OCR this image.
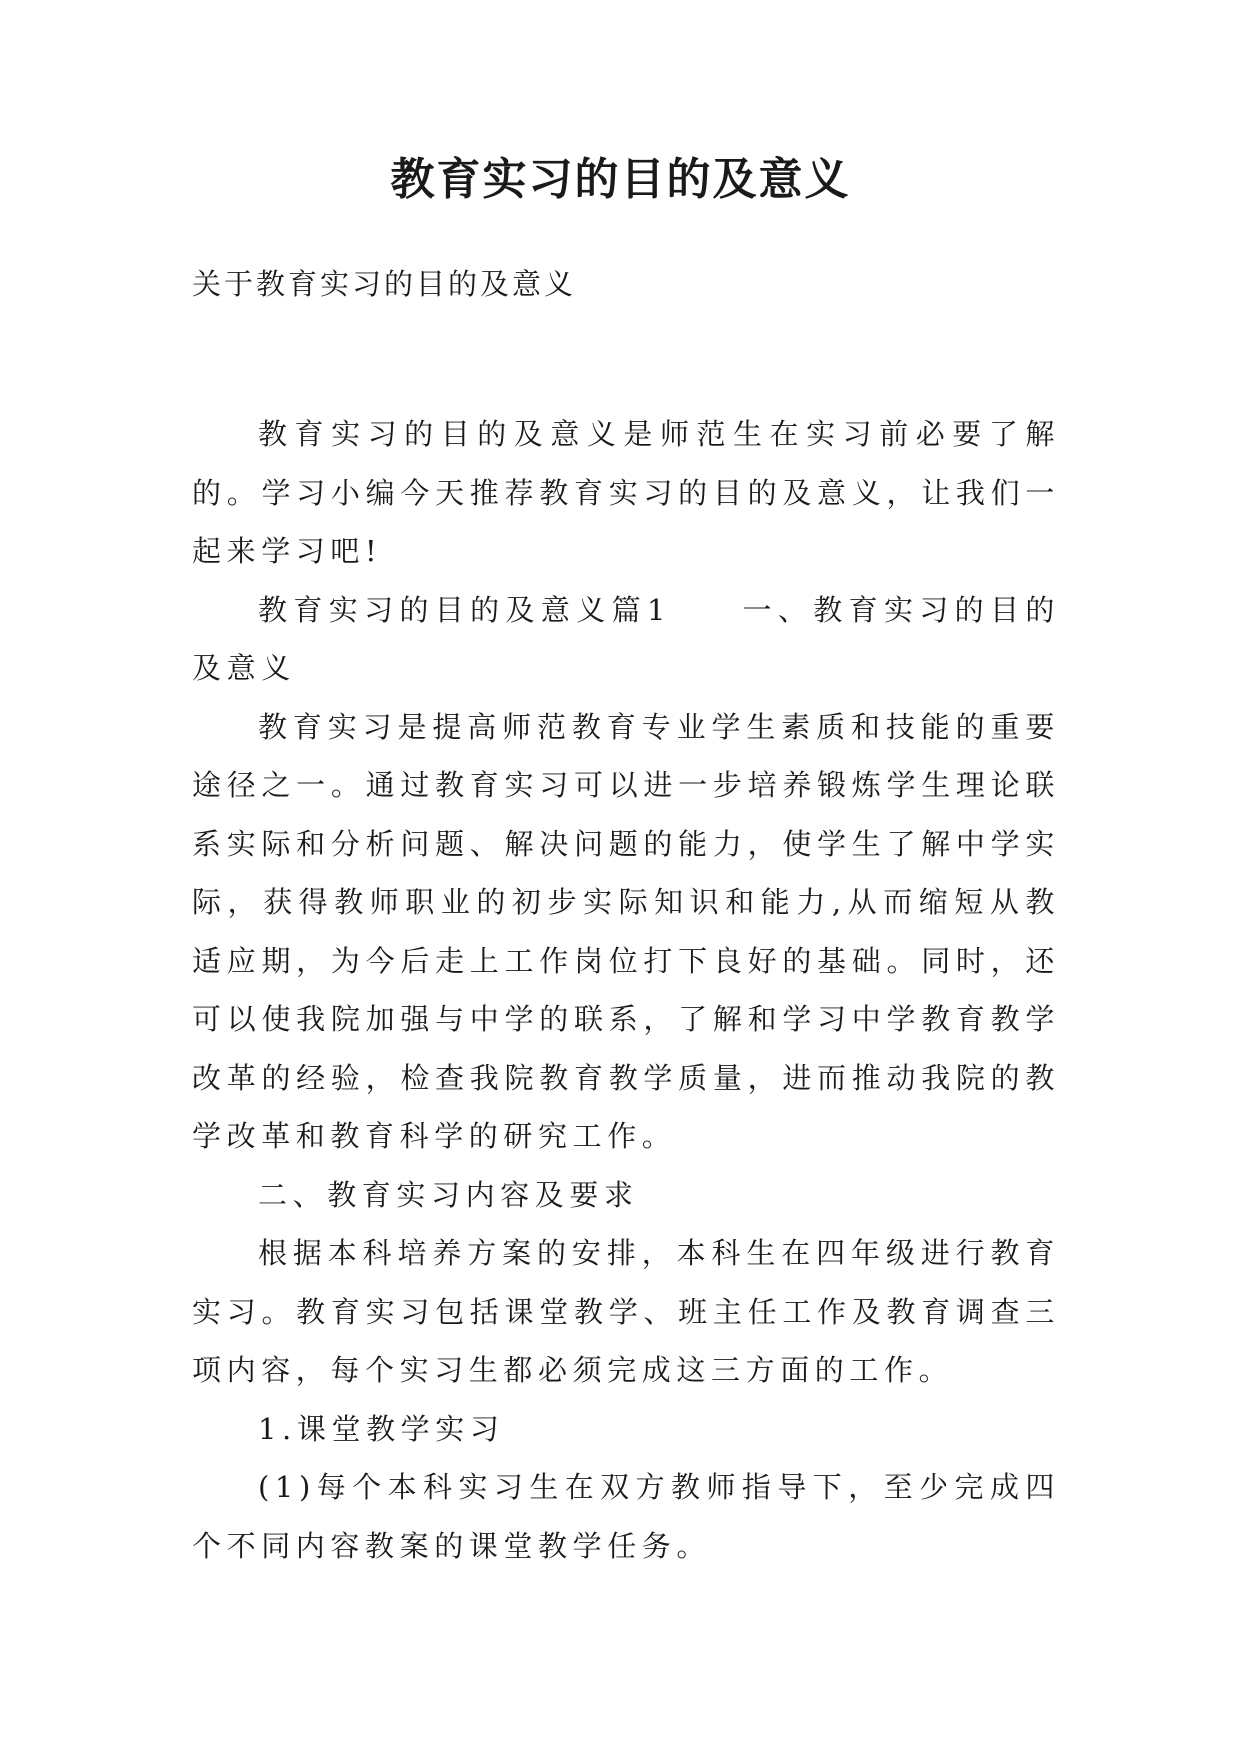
教育实习的目的及意义

关于教育实习的目的及意义

教育实习的目的及意义是师范生在实习前必要了解的。学习小编今天推荐教育实习的目的及意义，让我们一起来学习吧!

教育实习的目的及意义篇1　　一、教育实习的目的及意义

教育实习是提高师范教育专业学生素质和技能的重要途径之一。通过教育实习可以进一步培养锻炼学生理论联系实际和分析问题、解决问题的能力，使学生了解中学实际，获得教师职业的初步实际知识和能力,从而缩短从教适应期，为今后走上工作岗位打下良好的基础。同时，还可以使我院加强与中学的联系，了解和学习中学教育教学改革的经验，检查我院教育教学质量，进而推动我院的教学改革和教育科学的研究工作。

二、教育实习内容及要求

根据本科培养方案的安排，本科生在四年级进行教育实习。教育实习包括课堂教学、班主任工作及教育调查三项内容，每个实习生都必须完成这三方面的工作。

1.课堂教学实习

(1)每个本科实习生在双方教师指导下，至少完成四个不同内容教案的课堂教学任务。
